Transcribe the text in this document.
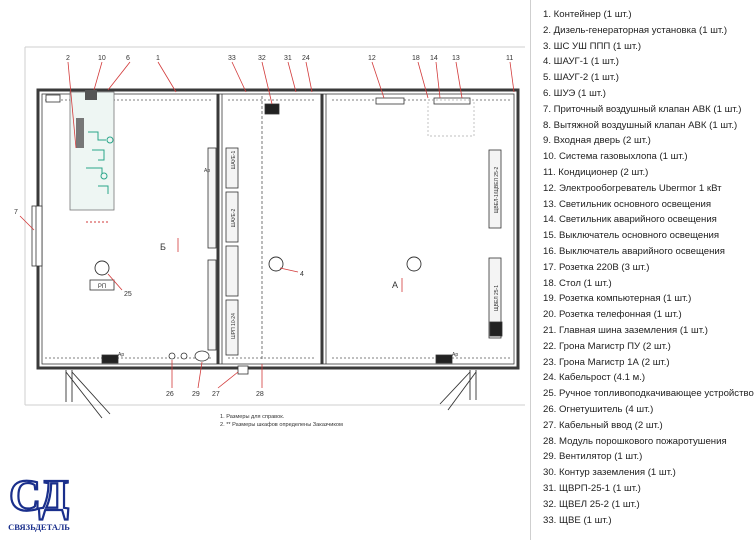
РП
ШАУЕ-1
ШАУЕ-2
ШРП 10-24
ЩВЕЛ-1/ЩВЕЛ 25-2
ЩВЕЛ 25-1
Ар
Ар	Ар
2	10	6	1	33	32	31 24	12	18 14 13	11
7
25
26	29 27	28
4
Б
А
1. Размеры для справок.
2. ** Размеры шкафов определены Заказчиком
СД
СВЯЗЬДЕТАЛЬ
1. Контейнер (1 шт.)
2. Дизель-генераторная установка (1 шт.)
3. ШС УШ ППП (1 шт.)
4. ШАУГ-1 (1 шт.)
5. ШАУГ-2 (1 шт.)
6. ШУЭ (1 шт.)
7. Приточный воздушный клапан АВК (1 шт.)
8. Вытяжной воздушный клапан АВК (1 шт.)
9. Входная дверь (2 шт.)
10. Система газовыхлопа (1 шт.)
11. Кондиционер (2 шт.)
12. Электрообогреватель Ubermor 1 кВт
13. Светильник основного освещения
14. Светильник аварийного освещения
15. Выключатель основного освещения
16. Выключатель аварийного освещения
17. Розетка 220В (3 шт.)
18. Стол (1 шт.)
19. Розетка компьютерная (1 шт.)
20. Розетка телефонная (1 шт.)
21. Главная шина заземления (1 шт.)
22. Грона Магистр ПУ (2 шт.)
23. Грона Магистр 1А (2 шт.)
24. Кабельрост (4.1 м.)
25. Ручное топливоподкачивающее устройство
26. Огнетушитель (4 шт.)
27. Кабельный ввод (2 шт.)
28. Модуль порошкового пожаротушения
29. Вентилятор (1 шт.)
30. Контур заземления (1 шт.)
31. ЩВРП-25-1 (1 шт.)
32. ЩВЕЛ 25-2 (1 шт.)
33. ЩВЕ (1 шт.)
